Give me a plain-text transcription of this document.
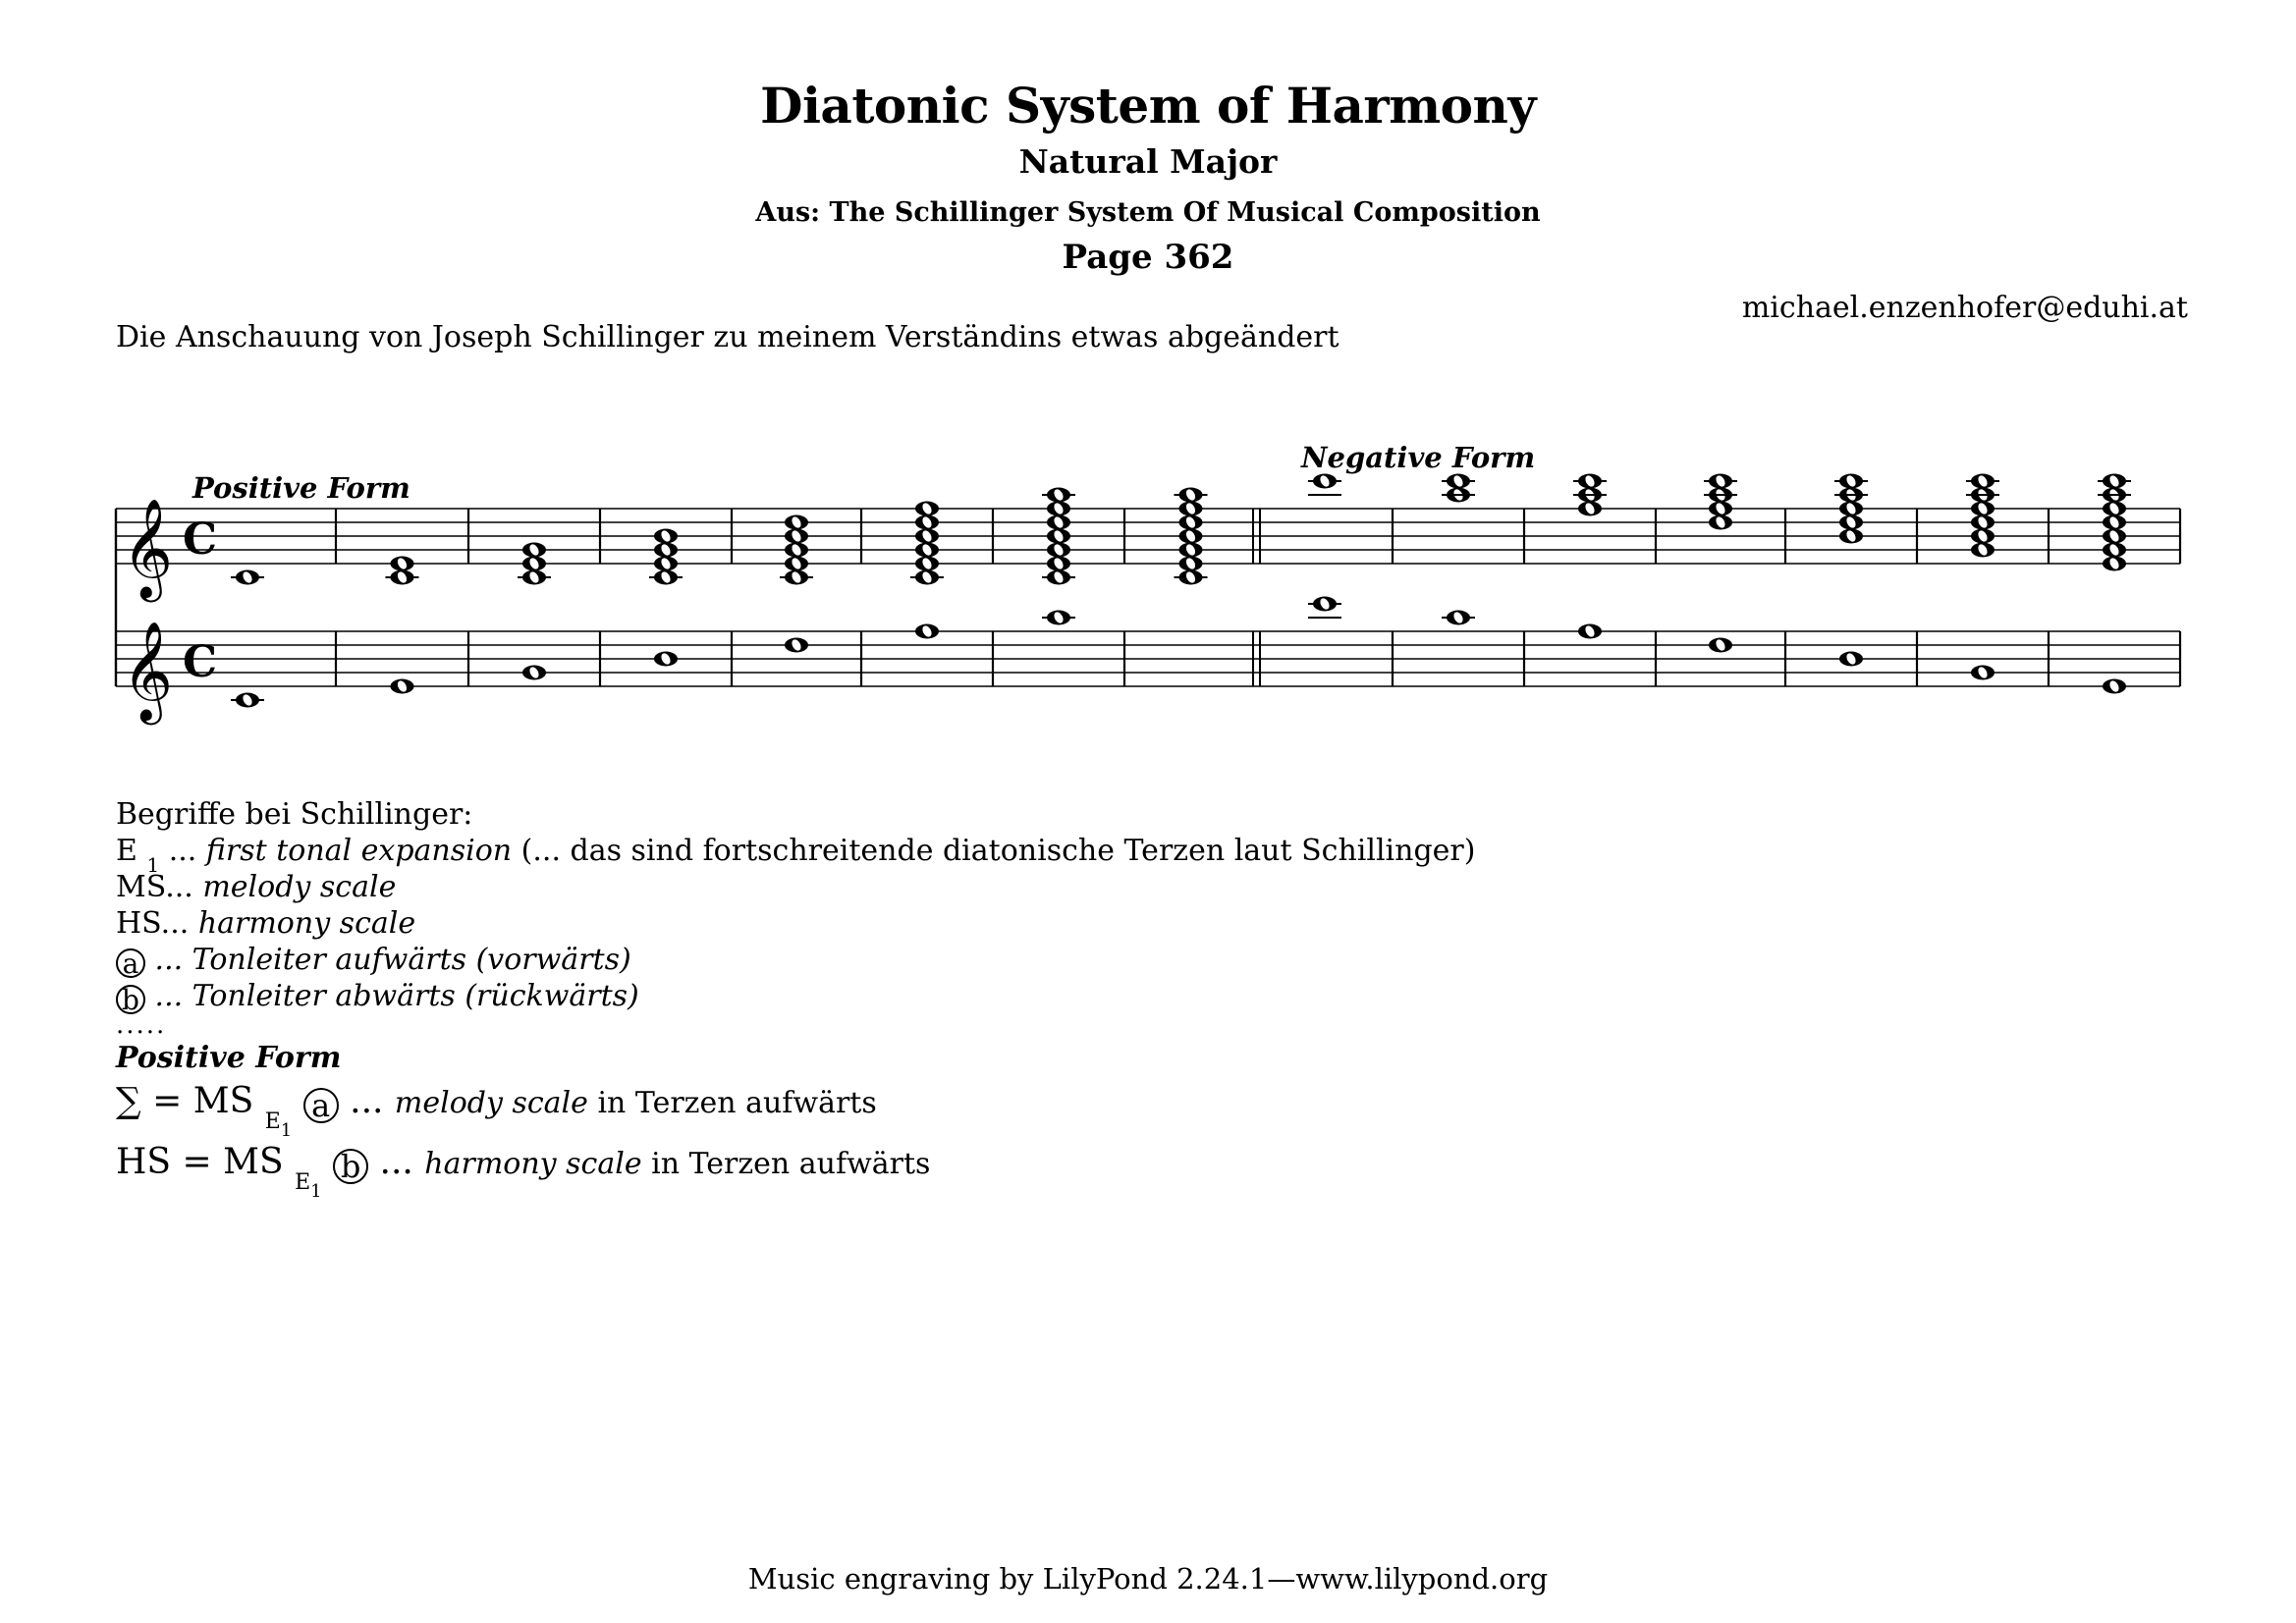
Diatonic System of Harmony
Natural Major
Aus: The Schillinger System Of Musical Composition
Page 362
michael.enzenhofer@eduhi.at
Die Anschauung von Joseph Schillinger zu meinem Verständins etwas abgeändert
𝄞 C
𝄞 C
Positive Form
Negative Form
Begriffe bei Schillinger:
E $_1$ ... first tonal expansion (... das sind fortschreitende diatonische Terzen laut Schillinger)
MS... melody scale
HS... harmony scale
a ... Tonleiter aufwärts (vorwärts)
b ... Tonleiter abwärts (rückwärts)
.....
Positive Form
∑ = MS $_{E1}$ a ... melody scale in Terzen aufwärts
HS = MS $_{E1}$ b ... harmony scale in Terzen aufwärts
Music engraving by LilyPond 2.24.1—www.lilypond.org
